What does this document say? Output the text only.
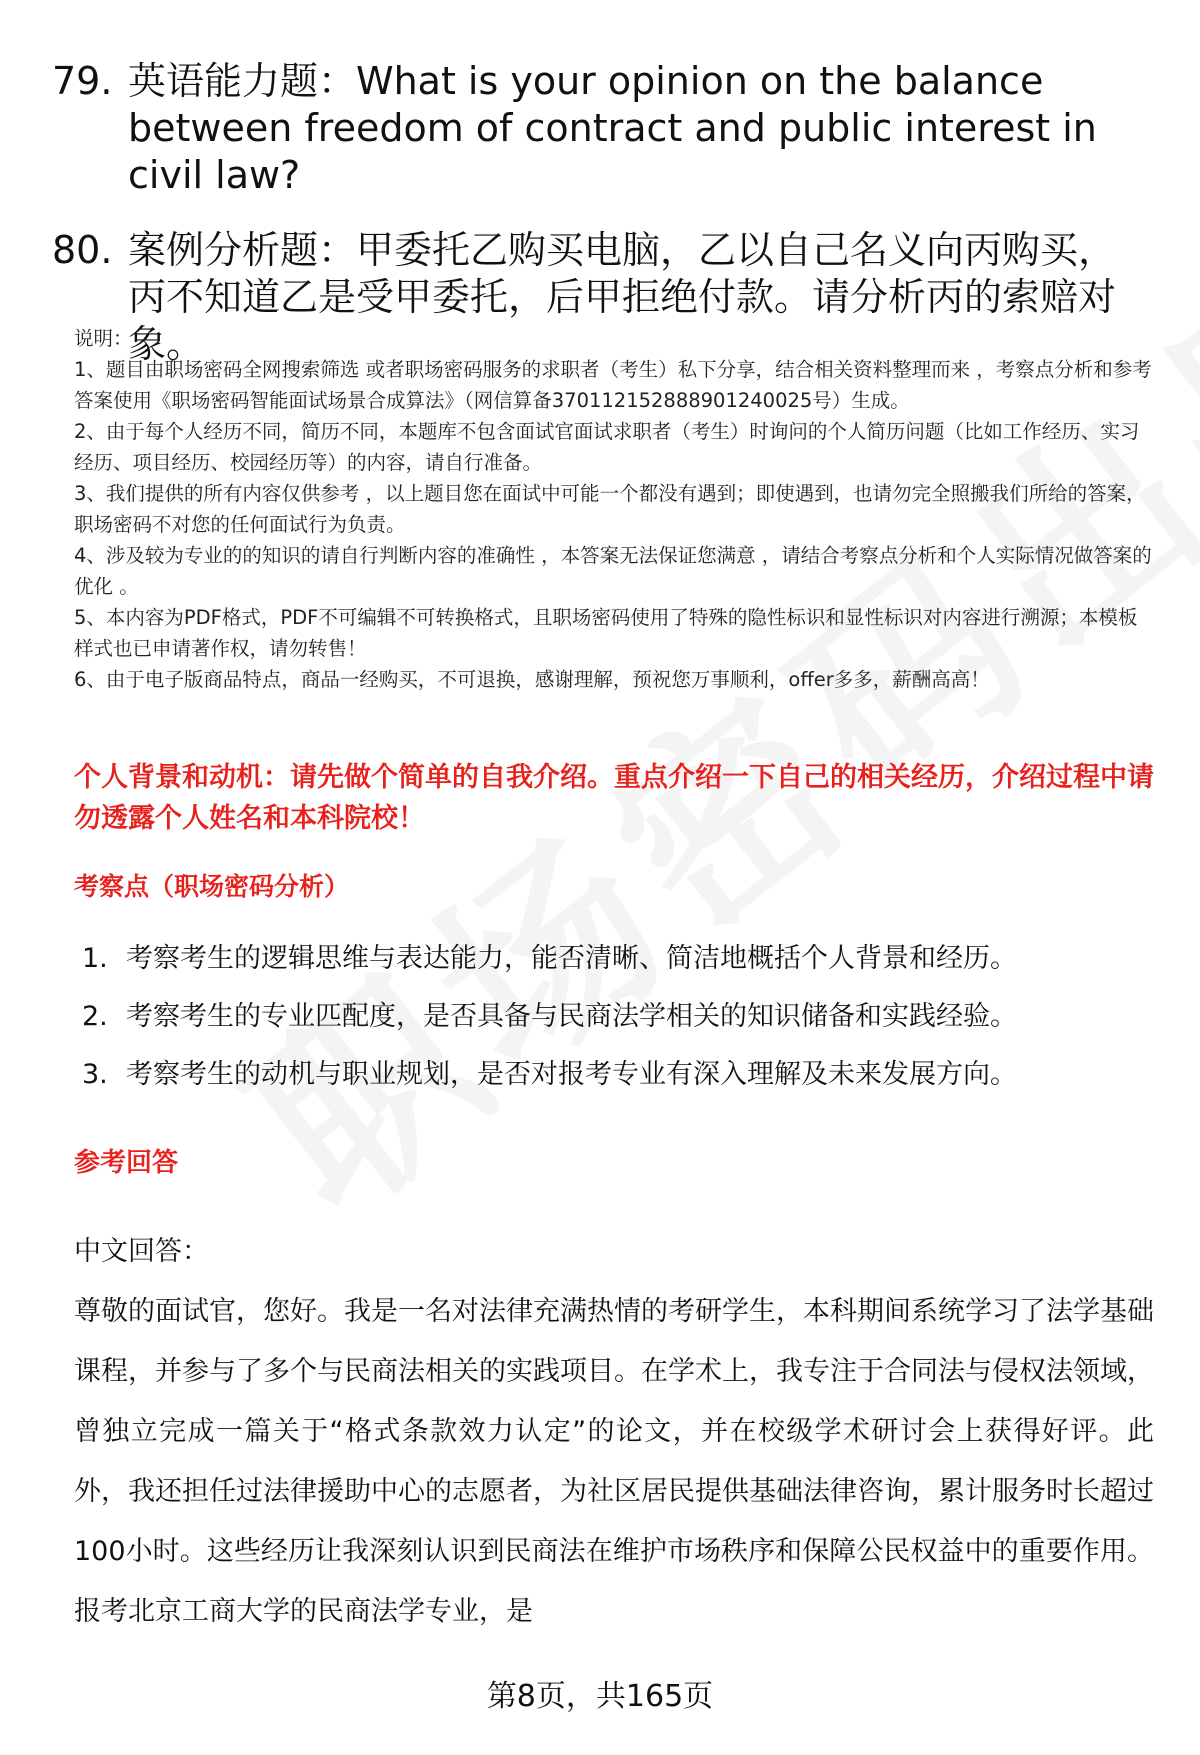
79. 英语能力题：What is your opinion on the balance between freedom of contract and public interest in civil law?
80. 案例分析题：甲委托乙购买电脑，乙以自己名义向丙购买，丙不知道乙是受甲委托，后甲拒绝付款。请分析丙的索赔对象。

说明：

1、题目由职场密码全网搜索筛选 或者职场密码服务的求职者（考生）私下分享，结合相关资料整理而来 ，考察点分析和参考答案使用《职场密码智能面试场景合成算法》（网信算备370112152888901240025号）生成。

2、由于每个人经历不同，简历不同，本题库不包含面试官面试求职者（考生）时询问的个人简历问题（比如工作经历、实习经历、项目经历、校园经历等）的内容，请自行准备。

3、我们提供的所有内容仅供参考 ，以上题目您在面试中可能一个都没有遇到；即使遇到，也请勿完全照搬我们所给的答案，职场密码不对您的任何面试行为负责。

4、涉及较为专业的的知识的请自行判断内容的准确性 ，本答案无法保证您满意 ，请结合考察点分析和个人实际情况做答案的优化 。

5、本内容为PDF格式，PDF不可编辑不可转换格式，且职场密码使用了特殊的隐性标识和显性标识对内容进行溯源；本模板样式也已申请著作权，请勿转售！

6、由于电子版商品特点，商品一经购买，不可退换，感谢理解，预祝您万事顺利，offer多多，薪酬高高！

个人背景和动机：请先做个简单的自我介绍。重点介绍一下自己的相关经历，介绍过程中请勿透露个人姓名和本科院校！
考察点（职场密码分析）
1. 考察考生的逻辑思维与表达能力，能否清晰、简洁地概括个人背景和经历。
2. 考察考生的专业匹配度，是否具备与民商法学相关的知识储备和实践经验。
3. 考察考生的动机与职业规划，是否对报考专业有深入理解及未来发展方向。
参考回答
中文回答：
尊敬的面试官，您好。我是一名对法律充满热情的考研学生，本科期间系统学习了法学基础课程，并参与了多个与民商法相关的实践项目。在学术上，我专注于合同法与侵权法领域，曾独立完成一篇关于“格式条款效力认定”的论文，并在校级学术研讨会上获得好评。此外，我还担任过法律援助中心的志愿者，为社区居民提供基础法律咨询，累计服务时长超过100小时。这些经历让我深刻认识到民商法在维护市场秩序和保障公民权益中的重要作用。报考北京工商大学的民商法学专业，是
第8页，共165页
